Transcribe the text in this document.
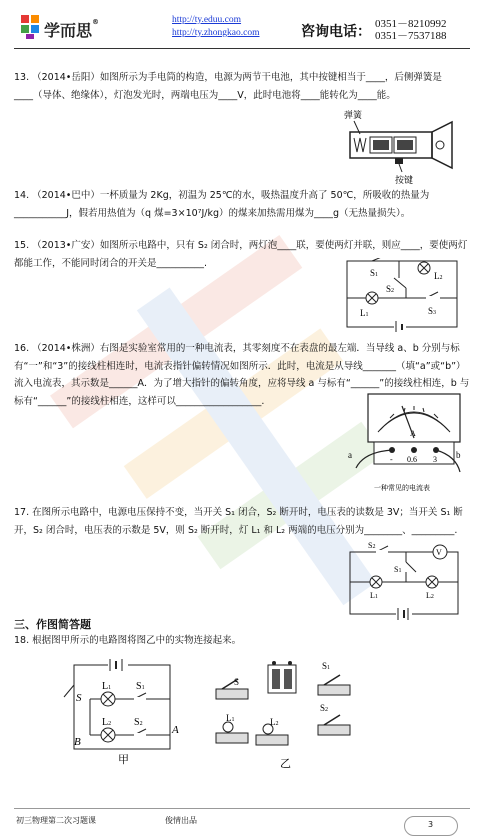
学而思®	http://ty.eduu.com
http://ty.zhongkao.com	咨询电话： 0351－8210992
0351－7537188
13. （2014•岳阳）如图所示为手电筒的构造，电源为两节干电池，其中按键相当于____，后侧弹簧是____（导体、绝缘体），灯泡发光时，两端电压为____V，此时电池将____能转化为____能。
弹簧
按键
14. （2014•巴中）一杯质量为 2Kg，初温为 25℃的水，吸热温度升高了 50℃，所吸收的热量为___________J，假若用热值为（q 煤=3×10⁷J/kg）的煤来加热需用煤为____g（无热量损失）。
15. （2013•广安）如图所示电路中，只有 S₂ 闭合时，两灯泡____联，要使两灯并联，则应____，要使两灯都能工作，不能同时闭合的开关是__________.
S1	L2
S2
L1	S3
16. （2014•株洲）右图是实验室常用的一种电流表，其零刻度不在表盘的最左端．当导线 a、b 分别与标有“一”和“3”的接线柱相连时，电流表指针偏转情况如图所示．此时，电流是从导线_______（填“a”或“b”）流入电流表，其示数是______A．为了增大指针的偏转角度，应将导线 a 与标有“______”的接线柱相连，b 与标有“______”的接线柱相连，这样可以__________________.
A
- 0.6 3
a	b
一种常见的电流表
17. 在图所示电路中，电源电压保持不变，当开关 S₁ 闭合，S₂ 断开时，电压表的读数是 3V；当开关 S₁ 断开，S₂ 闭合时，电压表的示数是 5V，则 S₂ 断开时，灯 L₁ 和 L₂ 两端的电压分别为________、_________.
S2
V
S1
L1	L2
三、作图简答题
18. 根据图甲所示的电路图将图乙中的实物连接起来。
S
L1 S1
L2 S2
B
A
甲
S
L1	L2
S1
S2
乙
初三物理第二次习题课	俊情出品	3
